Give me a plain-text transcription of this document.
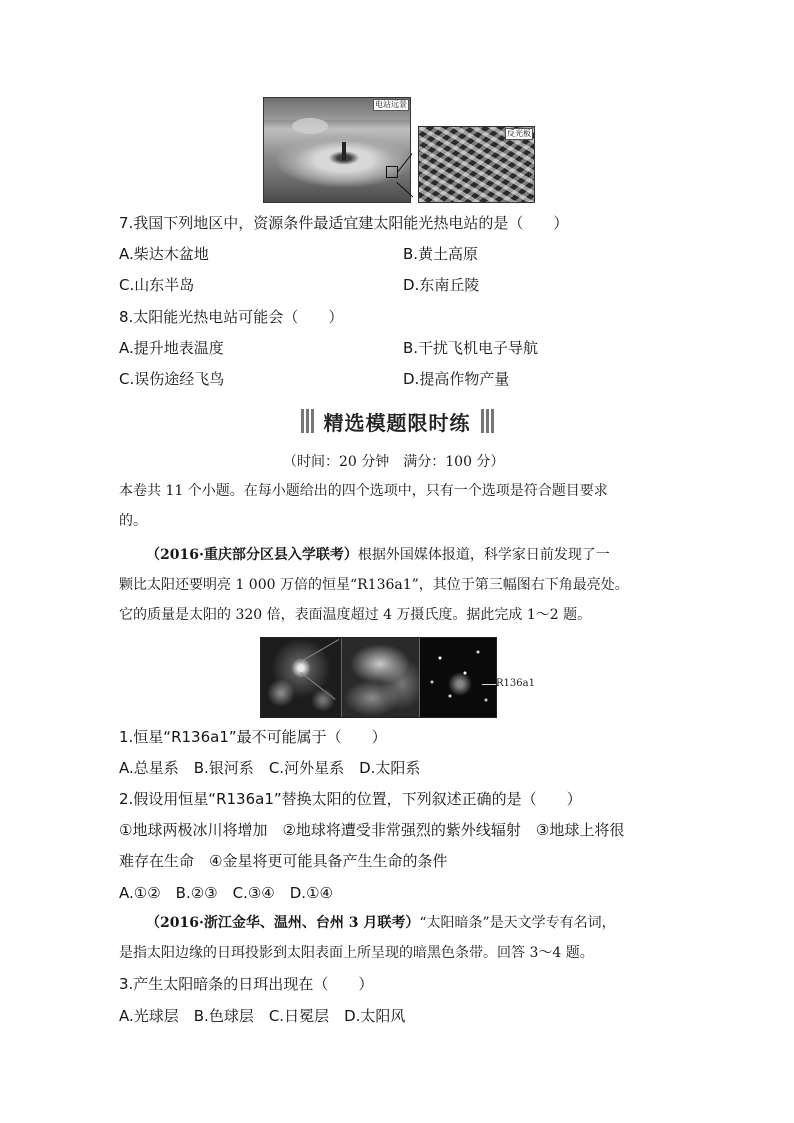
电站远景
反光板
7.我国下列地区中，资源条件最适宜建太阳能光热电站的是（　　）
A.柴达木盆地	B.黄土高原
C.山东半岛	D.东南丘陵
8.太阳能光热电站可能会（　　）
A.提升地表温度	B.干扰飞机电子导航
C.误伤途经飞鸟	D.提高作物产量
精选模题限时练
（时间：20 分钟　满分：100 分）
本卷共 11 个小题。在每小题给出的四个选项中，只有一个选项是符合题目要求
的。
（2016·重庆部分区县入学联考）根据外国媒体报道，科学家日前发现了一
颗比太阳还要明亮 1 000 万倍的恒星“R136a1”，其位于第三幅图右下角最亮处。
它的质量是太阳的 320 倍，表面温度超过 4 万摄氏度。据此完成 1～2 题。
R136a1
1.恒星“R136a1”最不可能属于（　　）
A.总星系　B.银河系　C.河外星系　D.太阳系
2.假设用恒星“R136a1”替换太阳的位置，下列叙述正确的是（　　）
①地球两极冰川将增加　②地球将遭受非常强烈的紫外线辐射　③地球上将很
难存在生命　④金星将更可能具备产生生命的条件
A.①②　B.②③　C.③④　D.①④
（2016·浙江金华、温州、台州 3 月联考）“太阳暗条”是天文学专有名词，
是指太阳边缘的日珥投影到太阳表面上所呈现的暗黑色条带。回答 3～4 题。
3.产生太阳暗条的日珥出现在（　　）
A.光球层　B.色球层　C.日冕层　D.太阳风
